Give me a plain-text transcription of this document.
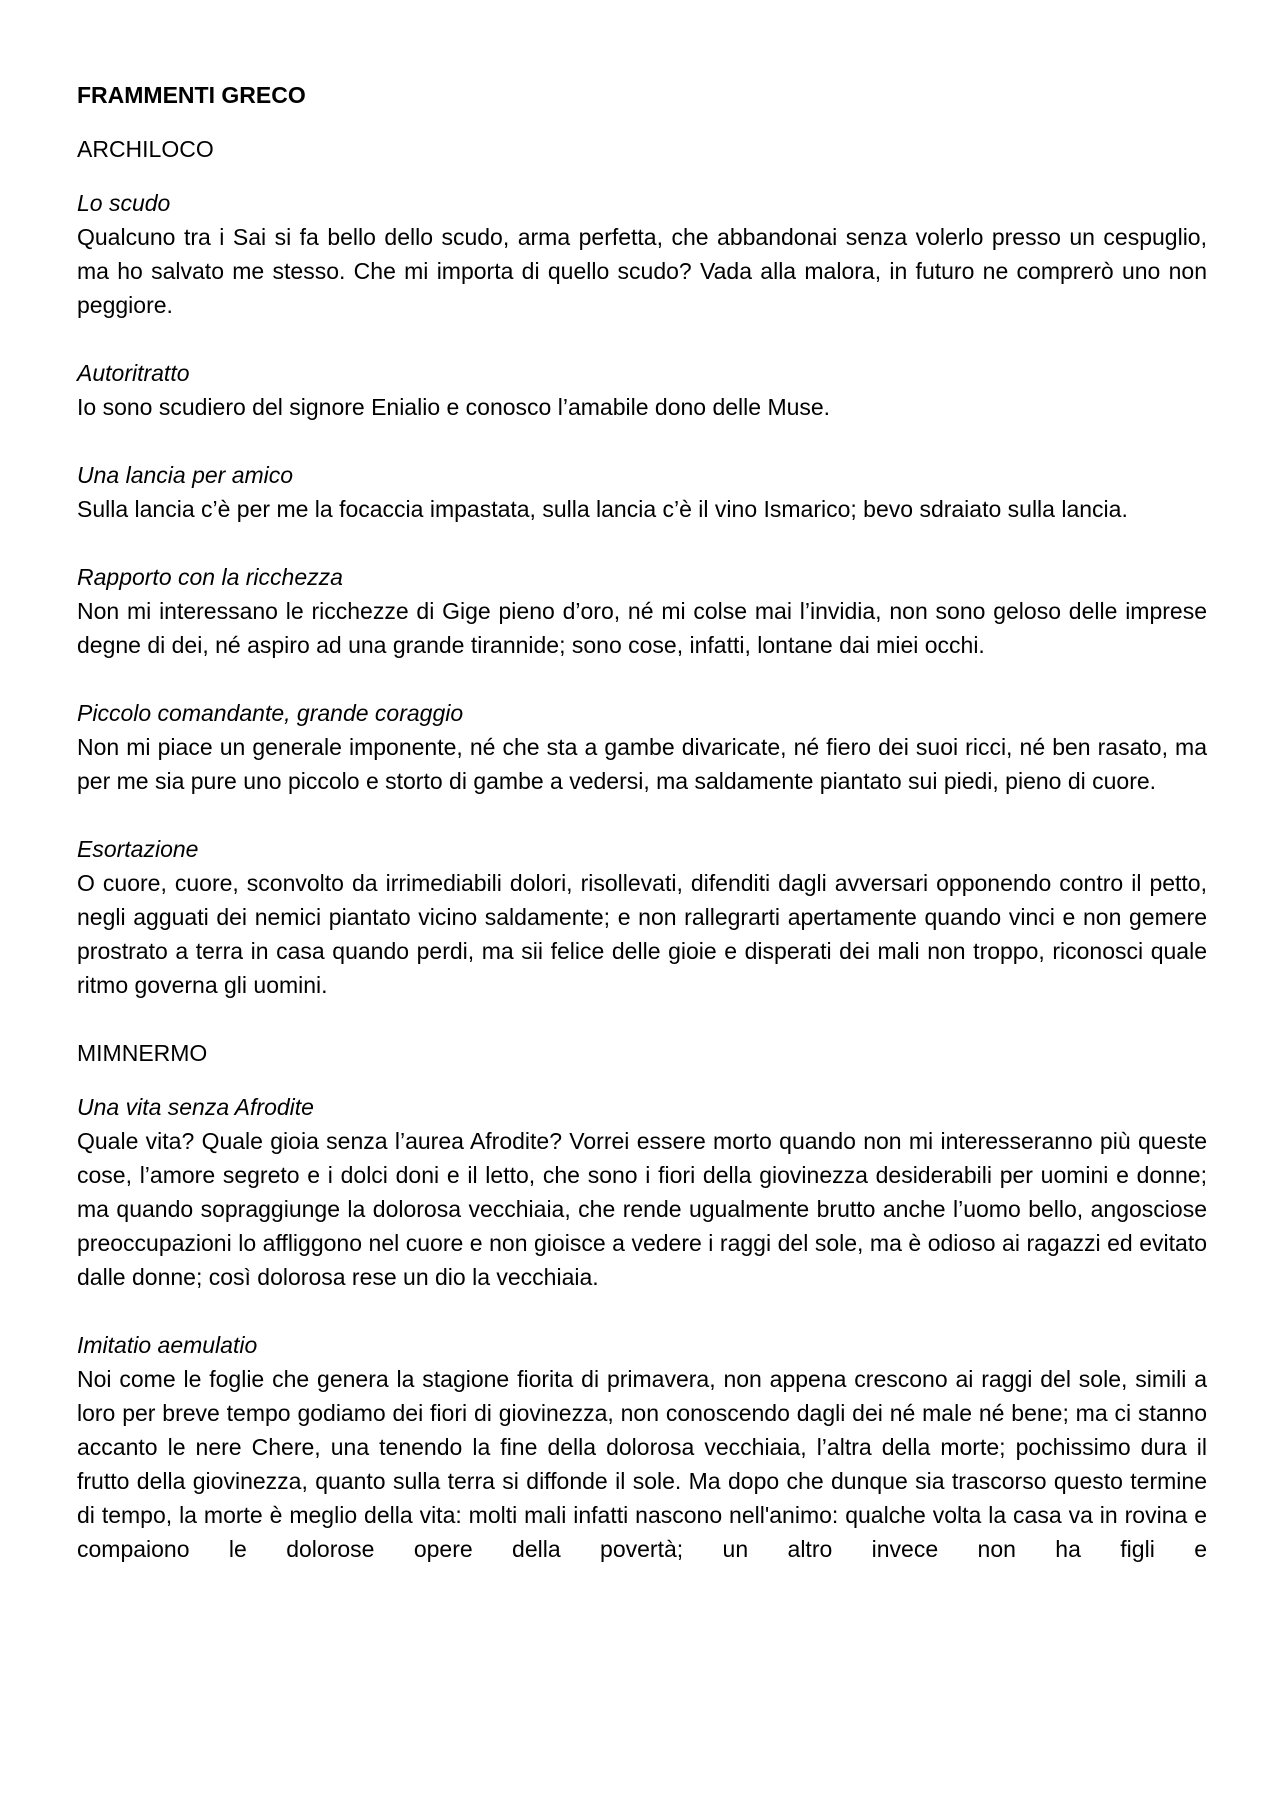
FRAMMENTI GRECO
ARCHILOCO
Lo scudo
Qualcuno tra i Sai si fa bello dello scudo, arma perfetta, che abbandonai senza volerlo presso un cespuglio, ma ho salvato me stesso. Che mi importa di quello scudo? Vada alla malora, in futuro ne comprerò uno non peggiore.
Autoritratto
Io sono scudiero del signore Enialio e conosco l’amabile dono delle Muse.
Una lancia per amico
Sulla lancia c’è per me la focaccia impastata, sulla lancia c’è il vino Ismarico; bevo sdraiato sulla lancia.
Rapporto con la ricchezza
Non mi interessano le ricchezze di Gige pieno d’oro, né mi colse mai l’invidia, non sono geloso delle imprese degne di dei, né aspiro ad una grande tirannide; sono cose, infatti, lontane dai miei occhi.
Piccolo comandante, grande coraggio
Non mi piace un generale imponente, né che sta a gambe divaricate, né fiero dei suoi ricci, né ben rasato, ma per me sia pure uno piccolo e storto di gambe a vedersi, ma saldamente piantato sui piedi, pieno di cuore.
Esortazione
O cuore, cuore, sconvolto da irrimediabili dolori, risollevati, difenditi dagli avversari opponendo contro il petto, negli agguati dei nemici piantato vicino saldamente; e non rallegrarti apertamente quando vinci e non gemere prostrato a terra in casa quando perdi, ma sii felice delle gioie e disperati dei mali non troppo, riconosci quale ritmo governa gli uomini.
MIMNERMO
Una vita senza Afrodite
Quale vita? Quale gioia senza l’aurea Afrodite? Vorrei essere morto quando non mi interesseranno più queste cose, l’amore segreto e i dolci doni e il letto, che sono i fiori della giovinezza desiderabili per uomini e donne; ma quando sopraggiunge la dolorosa vecchiaia, che rende ugualmente brutto anche l’uomo bello, angosciose preoccupazioni lo affliggono nel cuore e non gioisce a vedere i raggi del sole, ma è odioso ai ragazzi ed evitato dalle donne; così dolorosa rese un dio la vecchiaia.
Imitatio aemulatio
Noi come le foglie che genera la stagione fiorita di primavera, non appena crescono ai raggi del sole, simili a loro per breve tempo godiamo dei fiori di giovinezza, non conoscendo dagli dei né male né bene; ma ci stanno accanto le nere Chere, una tenendo la fine della dolorosa vecchiaia, l’altra della morte; pochissimo dura il frutto della giovinezza, quanto sulla terra si diffonde il sole. Ma dopo che dunque sia trascorso questo termine di tempo, la morte è meglio della vita: molti mali infatti nascono nell'animo: qualche volta la casa va in rovina e compaiono le dolorose opere della povertà; un altro invece non ha figli e
